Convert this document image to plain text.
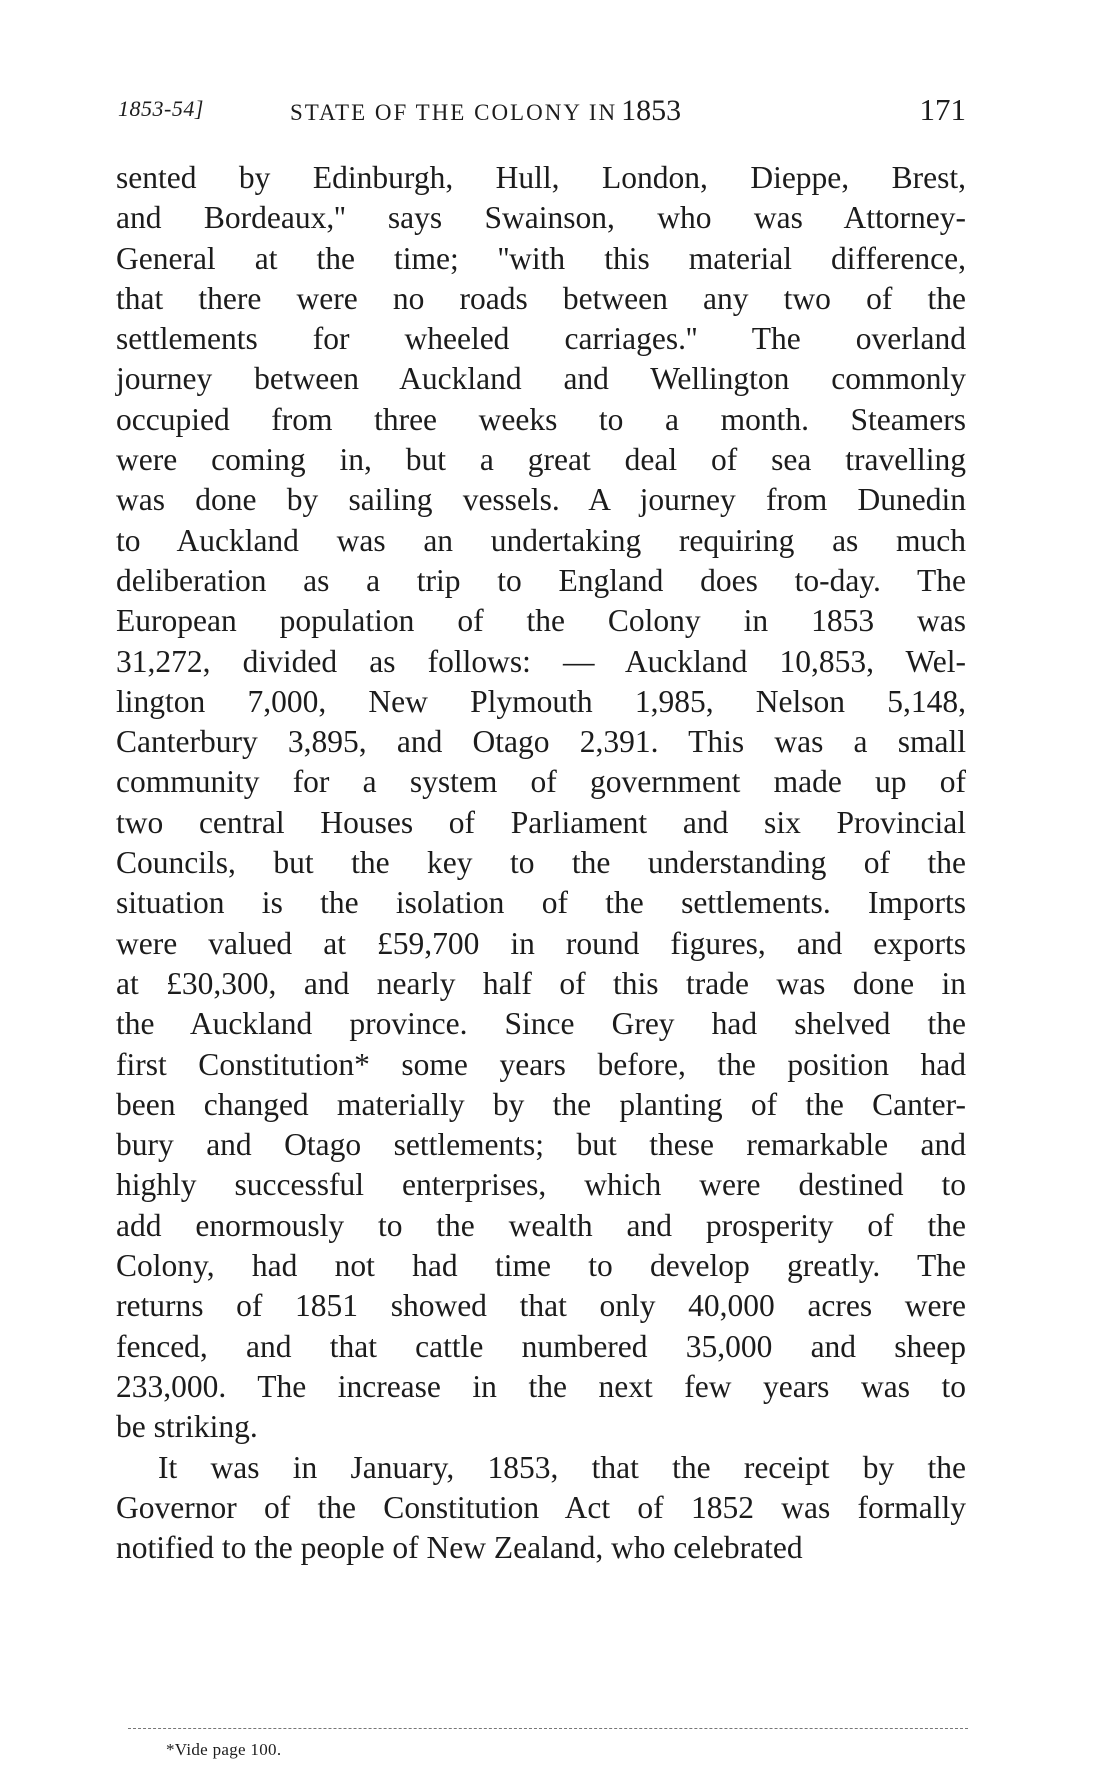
1853-54]	STATE OF THE COLONY IN 1853	171
sented by Edinburgh, Hull, London, Dieppe, Brest,
and Bordeaux,'' says Swainson, who was Attorney-
General at the time; ''with this material difference,
that there were no roads between any two of the
settlements for wheeled carriages.'' The overland
journey between Auckland and Wellington commonly
occupied from three weeks to a month. Steamers
were coming in, but a great deal of sea travelling
was done by sailing vessels. A journey from Dunedin
to Auckland was an undertaking requiring as much
deliberation as a trip to England does to-day. The
European population of the Colony in 1853 was
31,272, divided as follows: — Auckland 10,853, Wel-
lington 7,000, New Plymouth 1,985, Nelson 5,148,
Canterbury 3,895, and Otago 2,391. This was a small
community for a system of government made up of
two central Houses of Parliament and six Provincial
Councils, but the key to the understanding of the
situation is the isolation of the settlements. Imports
were valued at £59,700 in round figures, and exports
at £30,300, and nearly half of this trade was done in
the Auckland province. Since Grey had shelved the
first Constitution* some years before, the position had
been changed materially by the planting of the Canter-
bury and Otago settlements; but these remarkable and
highly successful enterprises, which were destined to
add enormously to the wealth and prosperity of the
Colony, had not had time to develop greatly. The
returns of 1851 showed that only 40,000 acres were
fenced, and that cattle numbered 35,000 and sheep
233,000. The increase in the next few years was to
be striking.
It was in January, 1853, that the receipt by the
Governor of the Constitution Act of 1852 was formally
notified to the people of New Zealand, who celebrated
*Vide page 100.
